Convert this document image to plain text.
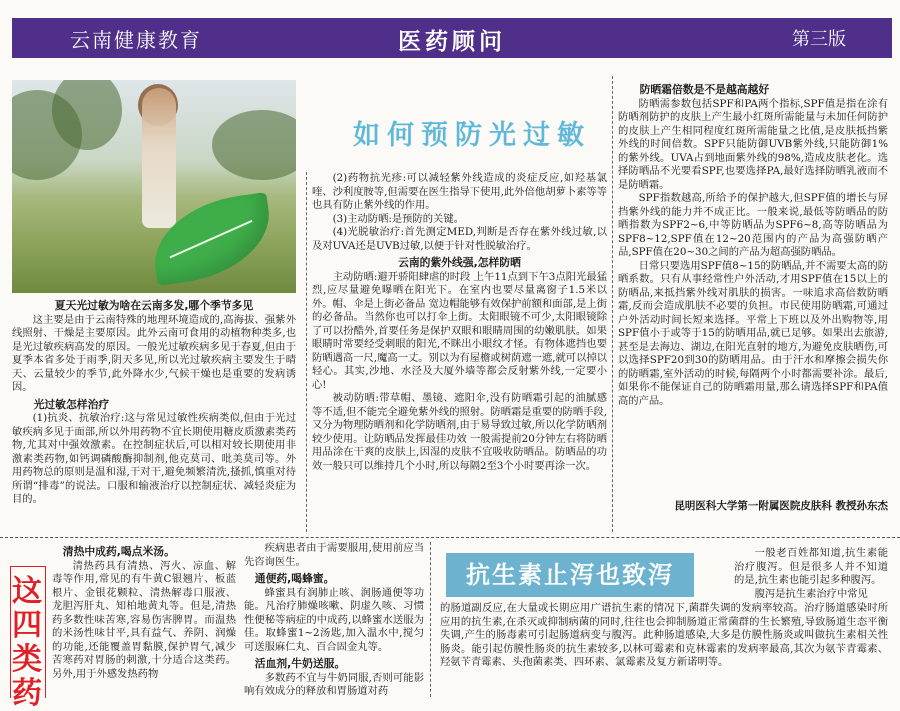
云南健康教育	医药顾问	第三版
如何预防光过敏
夏天光过敏为啥在云南多发,哪个季节多见

这主要是由于云南特殊的地理环境造成的,高海拔、强紫外线照射、干燥是主要原因。此外云南可食用的动植物种类多,也是光过敏疾病高发的原因。一般光过敏疾病多见于春夏,但由于夏季本省多处于雨季,阴天多见,所以光过敏疾病主要发生于晴天、云量较少的季节,此外降水少,气候干燥也是重要的发病诱因。

光过敏怎样治疗

(1)抗炎、抗敏治疗:这与常见过敏性疾病类似,但由于光过敏疾病多见于面部,所以外用药物不宜长期使用糖皮质激素类药物,尤其对中强效激素。在控制症状后,可以相对较长期使用非激素类药物,如钙调磷酸酶抑制剂,他克莫司、吡美莫司等。外用药物总的原则是温和湿,干对干,避免频繁清洗,搔抓,慎重对待所谓“排毒”的说法。口服和输液治疗以控制症状、减轻炎症为目的。

(2)药物抗光疹:可以减轻紫外线造成的炎症反应,如羟基氯喹、沙利度胺等,但需要在医生指导下使用,此外倍他胡萝卜素等等也具有防止紫外线的作用。

(3)主动防晒:是预防的关键。

(4)光脱敏治疗:首先测定MED,判断是否存在紫外线过敏,以及对UVA还是UVB过敏,以便于针对性脱敏治疗。

云南的紫外线强,怎样防晒

主动防晒:避开骄阳肆虐的时段 上午11点到下午3点阳光最猛烈,应尽量避免曝晒在阳光下。在室内也要尽量离窗子1.5米以外。帽、伞是上街必备品 宽边帽能够有效保护前额和面部,是上街的必备品。当然你也可以打伞上街。太阳眼镜不可少,太阳眼镜除了可以扮酷外,首要任务是保护双眼和眼睛周围的幼嫩肌肤。如果眼睛时常要经受刺眼的阳光,不眯出小眼纹才怪。有物体遮挡也要防晒遇高一尺,魔高一丈。别以为有屋檐或树荫遮一遮,就可以掉以轻心。其实,沙地、水泾及大厦外墙等都会反射紫外线,一定要小心!

被动防晒:带草帽、墨镜、遮阳伞,没有防晒霜引起的油腻感等不适,但不能完全避免紫外线的照射。防晒霜是重要的防晒手段,又分为物理防晒剂和化学防晒剂,由于易导致过敏,所以化学防晒剂较少使用。让防晒品发挥最佳功效 一般需提前20分钟左右将防晒用品涂在干爽的皮肤上,因湿的皮肤不宜吸收防晒品。防晒品的功效一般只可以维持几个小时,所以每隔2至3个小时要再涂一次。

防晒霜倍数是不是越高越好

防晒需参数包括SPF和PA两个指标,SPF值是指在涂有防晒剂防护的皮肤上产生最小红斑所需能量与未加任何防护的皮肤上产生相同程度红斑所需能量之比值,是皮肤抵挡紫外线的时间倍数。SPF只能防御UVB紫外线,只能防御1%的紫外线。UVA占到地面紫外线的98%,造成皮肤老化。选择防晒品不光要看SPF,也要选择PA,最好选择防晒乳液而不是防晒霜。

SPF指数越高,所给予的保护越大,但SPF值的增长与屏挡紫外线的能力并不成正比。一般来说,最低等防晒品的防晒指数为SPF2~6,中等防晒品为SPF6~8,高等防晒品为SPF8~12,SPF值在12~20范围内的产品为高强防晒产品,SPF值在20~30之间的产品为超高强防晒品。

日常只要选用SPF值8~15的防晒品,并不需要太高的防晒系数。只有从事经常性户外活动,才用SPF值在15以上的防晒品,来抵挡紫外线对肌肤的损害。一味追求高倍数防晒霜,反而会造成肌肤不必要的负担。市民使用防晒霜,可通过户外活动时间长短来选择。平常上下班以及外出购物等,用SPF值小于或等于15的防晒用品,就已足够。如果出去旅游,甚至是去海边、湖边,在阳光直射的地方,为避免皮肤晒伤,可以选择SPF20到30的防晒用品。由于汗水和摩擦会损失你的防晒霜,室外活动的时候,每隔两个小时都需要补涂。最后,如果你不能保证自己的防晒霜用量,那么请选择SPF和PA值高的产品。

昆明医科大学第一附属医院皮肤科 教授孙东杰
这
四
类
药
清热中成药,喝点米汤。

清热药具有清热、泻火、凉血、解毒等作用,常见的有牛黄C银翘片、板蓝根片、金银花颗粒、清热解毒口服液、龙胆泻肝丸、知柏地黄丸等。但是,清热药多数性味苦寒,容易伤害脾胃。而温热的米汤性味甘平,具有益气、养阴、润燥的功能,还能覆盖胃黏膜,保护胃气,减少苦寒药对胃肠的刺激,十分适合这类药。另外,用于外感发热药物

疾病患者由于需要服用,使用前应当先咨询医生。

通便药,喝蜂蜜。

蜂蜜具有润肺止咳、润肠通便等功能。凡治疗肺燥咳嗽、阴虚久咳、习惯性便秘等病症的中成药,以蜂蜜水送服为佳。取蜂蜜1~2汤匙,加入温水中,搅匀可送服麻仁丸、百合固金丸等。

活血剂,牛奶送服。

多数药不宜与牛奶同服,否则可能影响有效成分的释放和胃肠道对药

抗生素止泻也致泻

一般老百姓都知道,抗生素能治疗腹泻。但是很多人并不知道的是,抗生素也能引起多种腹泻。

腹泻是抗生素治疗中常见

的肠道副反应,在大量或长期应用广谱抗生素的情况下,菌群失调的发病率较高。治疗肠道感染时所应用的抗生素,在杀灭或抑制病菌的同时,往往也会抑制肠道正常菌群的生长繁殖,导致肠道生态平衡失调,产生的肠毒素可引起肠道病变与腹泻。此种肠道感染,大多是仿膜性肠炎或叫做抗生素相关性肠炎。能引起仿膜性肠炎的抗生素较多,以林可霉素和克林霉素的发病率最高,其次为氨苄青霉素、羟氨苄青霉素、头孢菌素类、四环素、氯霉素及复方新诺明等。
